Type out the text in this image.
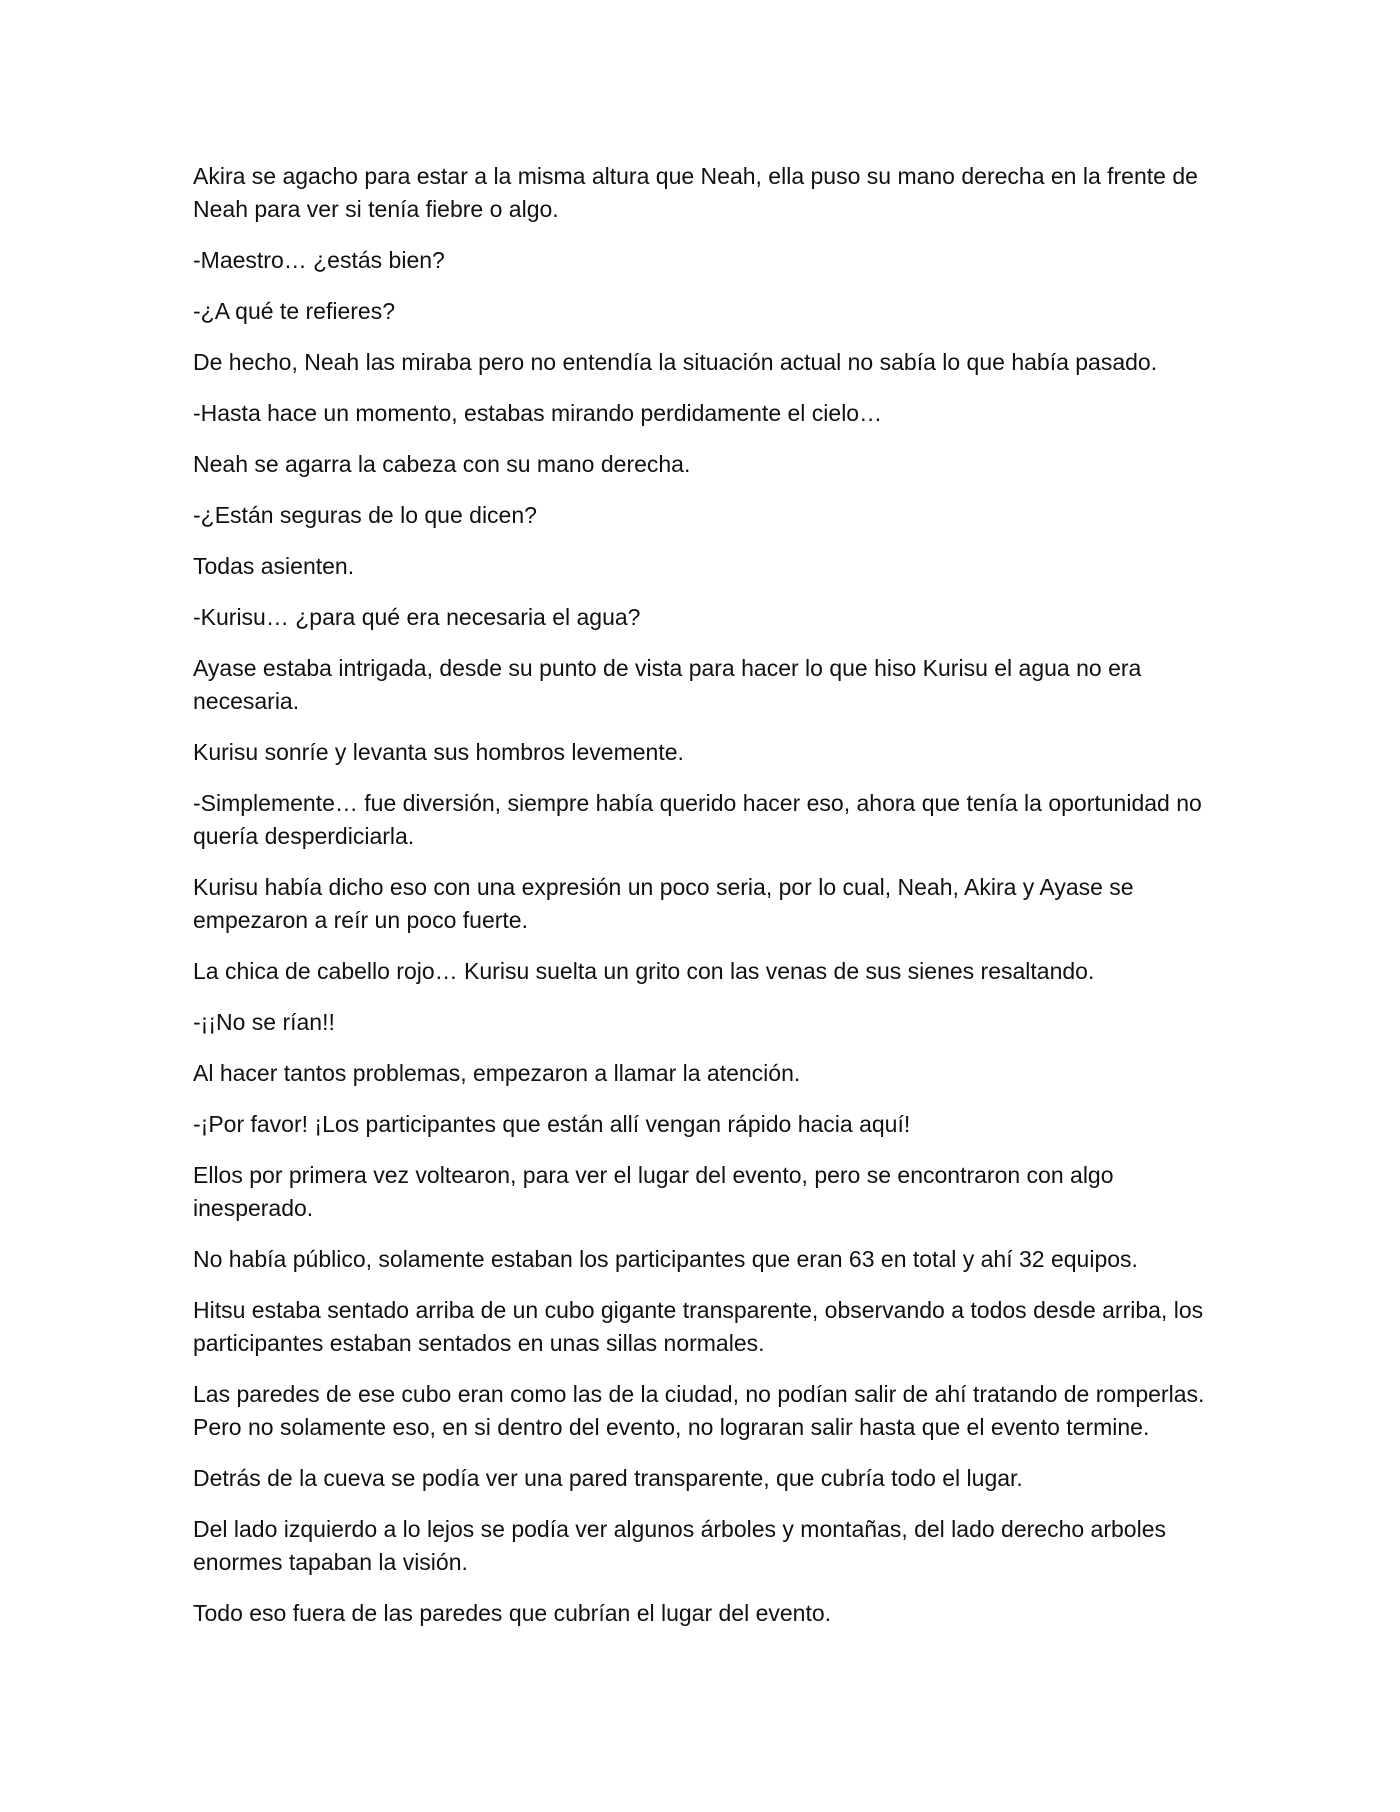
Akira se agacho para estar a la misma altura que Neah, ella puso su mano derecha en la frente de Neah para ver si tenía fiebre o algo.

-Maestro… ¿estás bien?

-¿A qué te refieres?

De hecho, Neah las miraba pero no entendía la situación actual no sabía lo que había pasado.

-Hasta hace un momento, estabas mirando perdidamente el cielo…

Neah se agarra la cabeza con su mano derecha.

-¿Están seguras de lo que dicen?

Todas asienten.

-Kurisu… ¿para qué era necesaria el agua?

Ayase estaba intrigada, desde su punto de vista para hacer lo que hiso Kurisu el agua no era necesaria.

Kurisu sonríe y levanta sus hombros levemente.

-Simplemente… fue diversión, siempre había querido hacer eso, ahora que tenía la oportunidad no quería desperdiciarla.

Kurisu había dicho eso con una expresión un poco seria, por lo cual, Neah, Akira y Ayase se empezaron a reír un poco fuerte.

La chica de cabello rojo… Kurisu suelta un grito con las venas de sus sienes resaltando.

-¡¡No se rían!!

Al hacer tantos problemas, empezaron a llamar la atención.

-¡Por favor! ¡Los participantes que están allí vengan rápido hacia aquí!

Ellos por primera vez voltearon, para ver el lugar del evento, pero se encontraron con algo inesperado.

No había público, solamente estaban los participantes que eran 63 en total y ahí 32 equipos.

Hitsu estaba sentado arriba de un cubo gigante transparente, observando a todos desde arriba, los participantes estaban sentados en unas sillas normales.

Las paredes de ese cubo eran como las de la ciudad, no podían salir de ahí tratando de romperlas. Pero no solamente eso, en si dentro del evento, no lograran salir hasta que el evento termine.

Detrás de la cueva se podía ver una pared transparente, que cubría todo el lugar.

Del lado izquierdo a lo lejos se podía ver algunos árboles y montañas, del lado derecho arboles enormes tapaban la visión.

Todo eso fuera de las paredes que cubrían el lugar del evento.
